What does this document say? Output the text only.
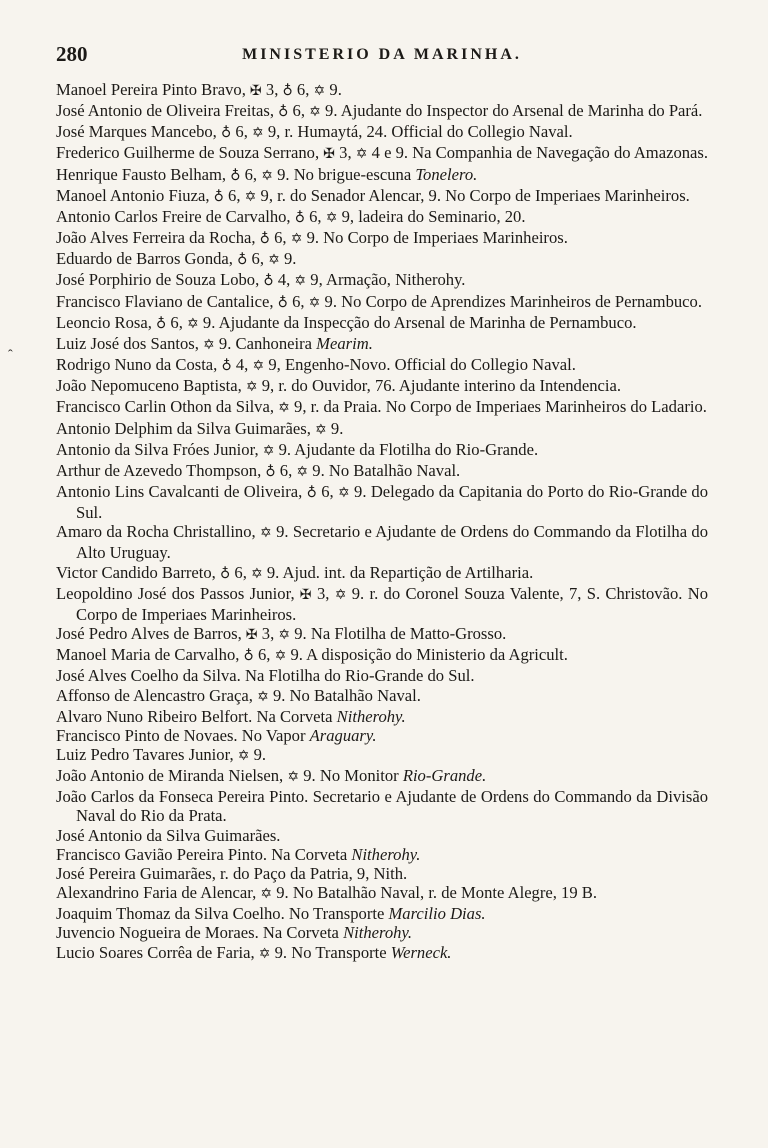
280	MINISTERIO DA MARINHA.
ˆ
Manoel Pereira Pinto Bravo, ✠ 3, ♁ 6, ✡ 9.
José Antonio de Oliveira Freitas, ♁ 6, ✡ 9. Ajudante do Inspector do Arsenal de Marinha do Pará.
José Marques Mancebo, ♁ 6, ✡ 9, r. Humaytá, 24. Official do Collegio Naval.
Frederico Guilherme de Souza Serrano, ✠ 3, ✡ 4 e 9. Na Companhia de Navegação do Amazonas.
Henrique Fausto Belham, ♁ 6, ✡ 9. No brigue-escuna Tonelero.
Manoel Antonio Fiuza, ♁ 6, ✡ 9, r. do Senador Alencar, 9. No Corpo de Imperiaes Marinheiros.
Antonio Carlos Freire de Carvalho, ♁ 6, ✡ 9, ladeira do Seminario, 20.
João Alves Ferreira da Rocha, ♁ 6, ✡ 9. No Corpo de Imperiaes Marinheiros.
Eduardo de Barros Gonda, ♁ 6, ✡ 9.
José Porphirio de Souza Lobo, ♁ 4, ✡ 9, Armação, Nitherohy.
Francisco Flaviano de Cantalice, ♁ 6, ✡ 9. No Corpo de Aprendizes Marinheiros de Pernambuco.
Leoncio Rosa, ♁ 6, ✡ 9. Ajudante da Inspecção do Arsenal de Marinha de Pernambuco.
Luiz José dos Santos, ✡ 9. Canhoneira Mearim.
Rodrigo Nuno da Costa, ♁ 4, ✡ 9, Engenho-Novo. Official do Collegio Naval.
João Nepomuceno Baptista, ✡ 9, r. do Ouvidor, 76. Ajudante interino da Intendencia.
Francisco Carlin Othon da Silva, ✡ 9, r. da Praia. No Corpo de Imperiaes Marinheiros do Ladario.
Antonio Delphim da Silva Guimarães, ✡ 9.
Antonio da Silva Fróes Junior, ✡ 9. Ajudante da Flotilha do Rio-Grande.
Arthur de Azevedo Thompson, ♁ 6, ✡ 9. No Batalhão Naval.
Antonio Lins Cavalcanti de Oliveira, ♁ 6, ✡ 9. Delegado da Capitania do Porto do Rio-Grande do Sul.
Amaro da Rocha Christallino, ✡ 9. Secretario e Ajudante de Ordens do Commando da Flotilha do Alto Uruguay.
Victor Candido Barreto, ♁ 6, ✡ 9. Ajud. int. da Repartição de Artilharia.
Leopoldino José dos Passos Junior, ✠ 3, ✡ 9. r. do Coronel Souza Valente, 7, S. Christovão. No Corpo de Imperiaes Marinheiros.
José Pedro Alves de Barros, ✠ 3, ✡ 9. Na Flotilha de Matto-Grosso.
Manoel Maria de Carvalho, ♁ 6, ✡ 9. A disposição do Ministerio da Agricult.
José Alves Coelho da Silva. Na Flotilha do Rio-Grande do Sul.
Affonso de Alencastro Graça, ✡ 9. No Batalhão Naval.
Alvaro Nuno Ribeiro Belfort. Na Corveta Nitherohy.
Francisco Pinto de Novaes. No Vapor Araguary.
Luiz Pedro Tavares Junior, ✡ 9.
João Antonio de Miranda Nielsen, ✡ 9. No Monitor Rio-Grande.
João Carlos da Fonseca Pereira Pinto. Secretario e Ajudante de Ordens do Commando da Divisão Naval do Rio da Prata.
José Antonio da Silva Guimarães.
Francisco Gavião Pereira Pinto. Na Corveta Nitherohy.
José Pereira Guimarães, r. do Paço da Patria, 9, Nith.
Alexandrino Faria de Alencar, ✡ 9. No Batalhão Naval, r. de Monte Alegre, 19 B.
Joaquim Thomaz da Silva Coelho. No Transporte Marcilio Dias.
Juvencio Nogueira de Moraes. Na Corveta Nitherohy.
Lucio Soares Corrêa de Faria, ✡ 9. No Transporte Werneck.
